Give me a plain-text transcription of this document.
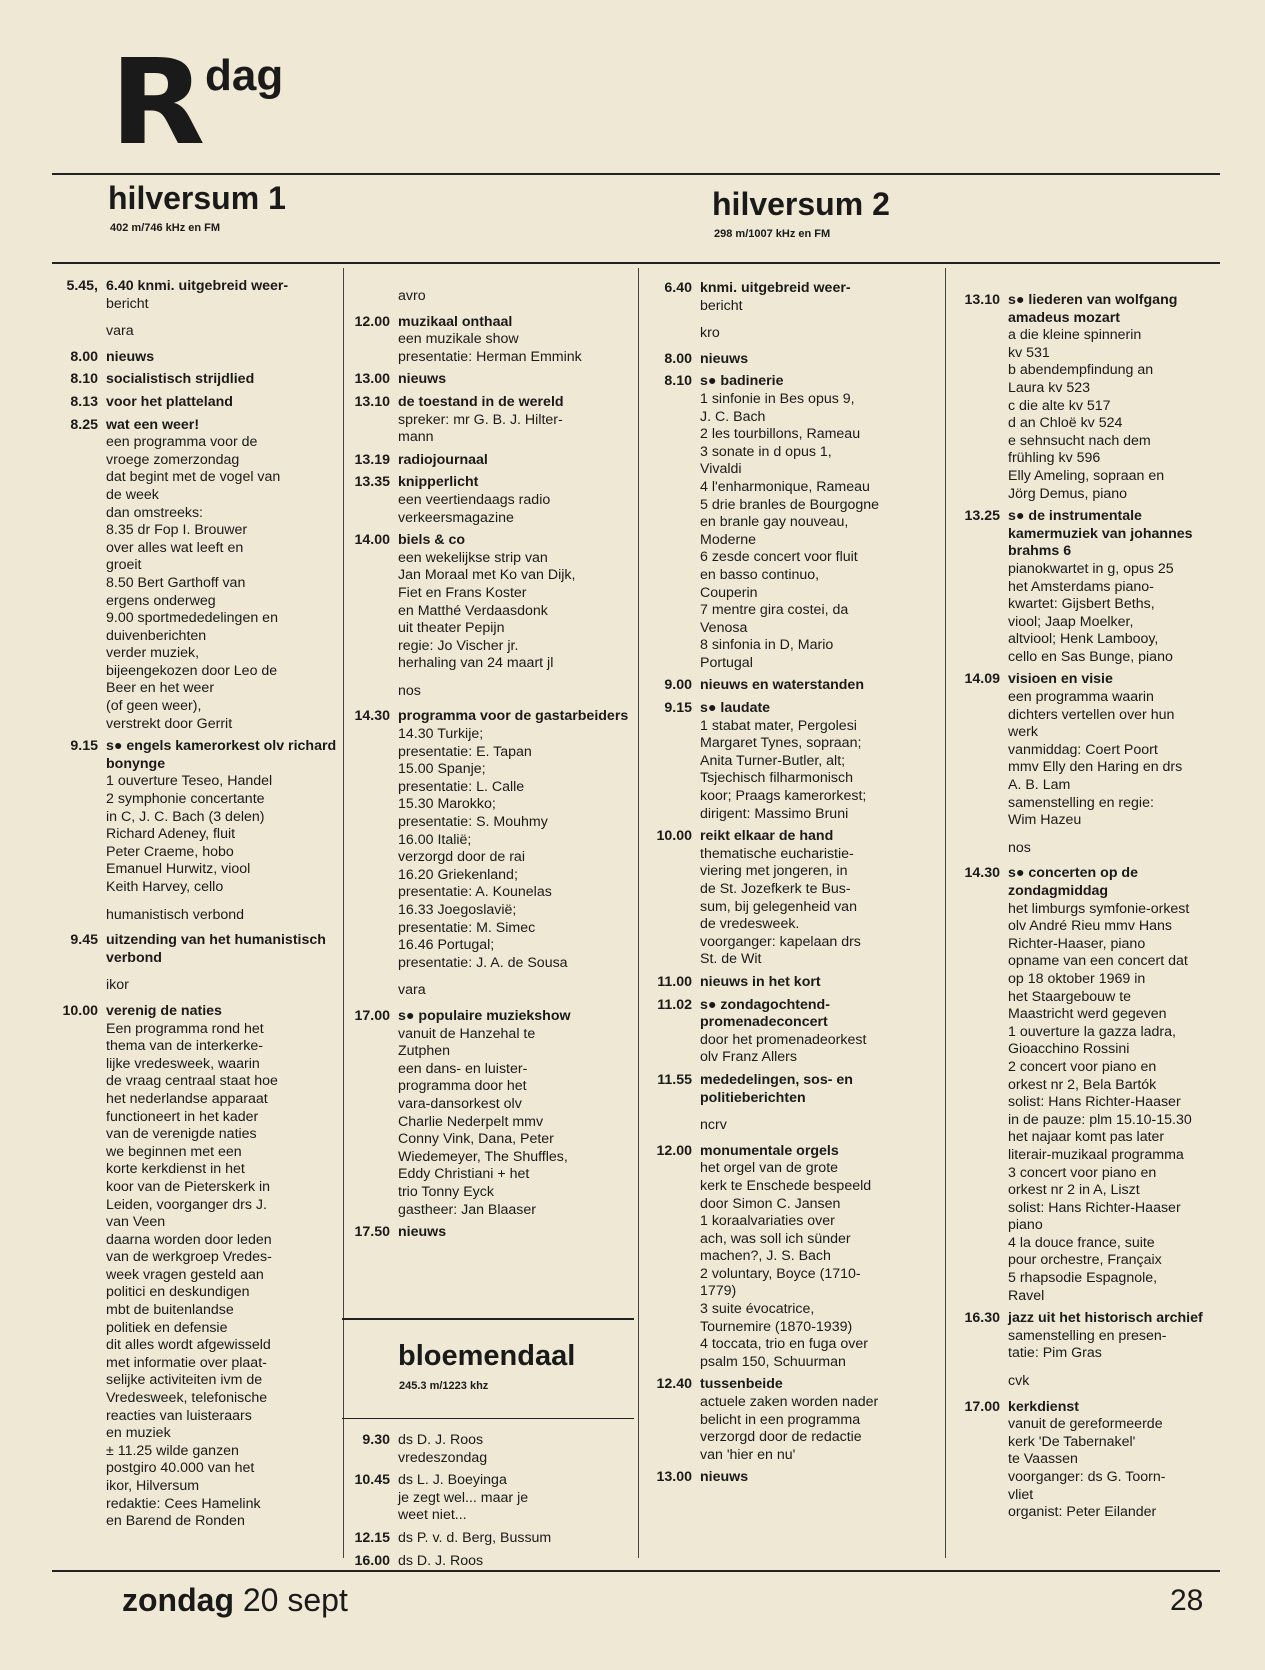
R dag
hilversum 1
402 m/746 kHz en FM
hilversum 2
298 m/1007 kHz en FM
5.45, 6.40 knmi. uitgebreid weer-
bericht
vara
8.00 nieuws
8.10 socialistisch strijdlied
8.13 voor het platteland
8.25 wat een weer!
een programma voor de
vroege zomerzondag
dat begint met de vogel van
de week
dan omstreeks:
8.35 dr Fop I. Brouwer
over alles wat leeft en
groeit
8.50 Bert Garthoff van
ergens onderweg
9.00 sportmededelingen en
duivenberichten
verder muziek,
bijeengekozen door Leo de
Beer en het weer
(of geen weer),
verstrekt door Gerrit
9.15 s● engels kamerorkest olv richard bonynge
1 ouverture Teseo, Handel
2 symphonie concertante
in C, J. C. Bach (3 delen)
Richard Adeney, fluit
Peter Craeme, hobo
Emanuel Hurwitz, viool
Keith Harvey, cello
humanistisch verbond
9.45 uitzending van het humanistisch verbond
ikor
10.00 verenig de naties
Een programma rond het
thema van de interkerke-
lijke vredesweek, waarin
de vraag centraal staat hoe
het nederlandse apparaat
functioneert in het kader
van de verenigde naties
we beginnen met een
korte kerkdienst in het
koor van de Pieterskerk in
Leiden, voorganger drs J.
van Veen
daarna worden door leden
van de werkgroep Vredes-
week vragen gesteld aan
politici en deskundigen
mbt de buitenlandse
politiek en defensie
dit alles wordt afgewisseld
met informatie over plaat-
selijke activiteiten ivm de
Vredesweek, telefonische
reacties van luisteraars
en muziek
± 11.25 wilde ganzen
postgiro 40.000 van het
ikor, Hilversum
redaktie: Cees Hamelink
en Barend de Ronden
avro
12.00 muzikaal onthaal
een muzikale show
presentatie: Herman Emmink
13.00 nieuws
13.10 de toestand in de wereld
spreker: mr G. B. J. Hilter-
mann
13.19 radiojournaal
13.35 knipperlicht
een veertiendaags radio
verkeersmagazine
14.00 biels & co
een wekelijkse strip van
Jan Moraal met Ko van Dijk,
Fiet en Frans Koster
en Matthé Verdaasdonk
uit theater Pepijn
regie: Jo Vischer jr.
herhaling van 24 maart jl
nos
14.30 programma voor de gastarbeiders
14.30 Turkije;
presentatie: E. Tapan
15.00 Spanje;
presentatie: L. Calle
15.30 Marokko;
presentatie: S. Mouhmy
16.00 Italië;
verzorgd door de rai
16.20 Griekenland;
presentatie: A. Kounelas
16.33 Joegoslavië;
presentatie: M. Simec
16.46 Portugal;
presentatie: J. A. de Sousa
vara
17.00 s● populaire muziekshow
vanuit de Hanzehal te
Zutphen
een dans- en luister-
programma door het
vara-dansorkest olv
Charlie Nederpelt mmv
Conny Vink, Dana, Peter
Wiedemeyer, The Shuffles,
Eddy Christiani + het
trio Tonny Eyck
gastheer: Jan Blaaser
17.50 nieuws
bloemendaal
245.3 m/1223 khz
9.30 ds D. J. Roos
vredeszondag
10.45 ds L. J. Boeyinga
je zegt wel... maar je
weet niet...
12.15 ds P. v. d. Berg, Bussum
16.00 ds D. J. Roos
6.40 knmi. uitgebreid weer-
bericht
kro
8.00 nieuws
8.10 s● badinerie
1 sinfonie in Bes opus 9,
J. C. Bach
2 les tourbillons, Rameau
3 sonate in d opus 1,
Vivaldi
4 l'enharmonique, Rameau
5 drie branles de Bourgogne
en branle gay nouveau,
Moderne
6 zesde concert voor fluit
en basso continuo,
Couperin
7 mentre gira costei, da
Venosa
8 sinfonia in D, Mario
Portugal
9.00 nieuws en waterstanden
9.15 s● laudate
1 stabat mater, Pergolesi
Margaret Tynes, sopraan;
Anita Turner-Butler, alt;
Tsjechisch filharmonisch
koor; Praags kamerorkest;
dirigent: Massimo Bruni
10.00 reikt elkaar de hand
thematische eucharistie-
viering met jongeren, in
de St. Jozefkerk te Bus-
sum, bij gelegenheid van
de vredesweek.
voorganger: kapelaan drs
St. de Wit
11.00 nieuws in het kort
11.02 s● zondagochtend-promenadeconcert
door het promenadeorkest
olv Franz Allers
11.55 mededelingen, sos- en politieberichten
ncrv
12.00 monumentale orgels
het orgel van de grote
kerk te Enschede bespeeld
door Simon C. Jansen
1 koraalvariaties over
ach, was soll ich sünder
machen?, J. S. Bach
2 voluntary, Boyce (1710-
1779)
3 suite évocatrice,
Tournemire (1870-1939)
4 toccata, trio en fuga over
psalm 150, Schuurman
12.40 tussenbeide
actuele zaken worden nader
belicht in een programma
verzorgd door de redactie
van 'hier en nu'
13.00 nieuws
13.10 s● liederen van wolfgang amadeus mozart
a die kleine spinnerin
kv 531
b abendempfindung an
Laura kv 523
c die alte kv 517
d an Chloë kv 524
e sehnsucht nach dem
frühling kv 596
Elly Ameling, sopraan en
Jörg Demus, piano
13.25 s● de instrumentale kamermuziek van johannes brahms 6
pianokwartet in g, opus 25
het Amsterdams piano-
kwartet: Gijsbert Beths,
viool; Jaap Moelker,
altviool; Henk Lambooy,
cello en Sas Bunge, piano
14.09 visioen en visie
een programma waarin
dichters vertellen over hun
werk
vanmiddag: Coert Poort
mmv Elly den Haring en drs
A. B. Lam
samenstelling en regie:
Wim Hazeu
nos
14.30 s● concerten op de zondagmiddag
het limburgs symfonie-orkest
olv André Rieu mmv Hans
Richter-Haaser, piano
opname van een concert dat
op 18 oktober 1969 in
het Staargebouw te
Maastricht werd gegeven
1 ouverture la gazza ladra,
Gioacchino Rossini
2 concert voor piano en
orkest nr 2, Bela Bartók
solist: Hans Richter-Haaser
in de pauze: plm 15.10-15.30
het najaar komt pas later
literair-muzikaal programma
3 concert voor piano en
orkest nr 2 in A, Liszt
solist: Hans Richter-Haaser
piano
4 la douce france, suite
pour orchestre, Françaix
5 rhapsodie Espagnole,
Ravel
16.30 jazz uit het historisch archief
samenstelling en presen-
tatie: Pim Gras
cvk
17.00 kerkdienst
vanuit de gereformeerde
kerk 'De Tabernakel'
te Vaassen
voorganger: ds G. Toorn-
vliet
organist: Peter Eilander
zondag 20 sept	28
